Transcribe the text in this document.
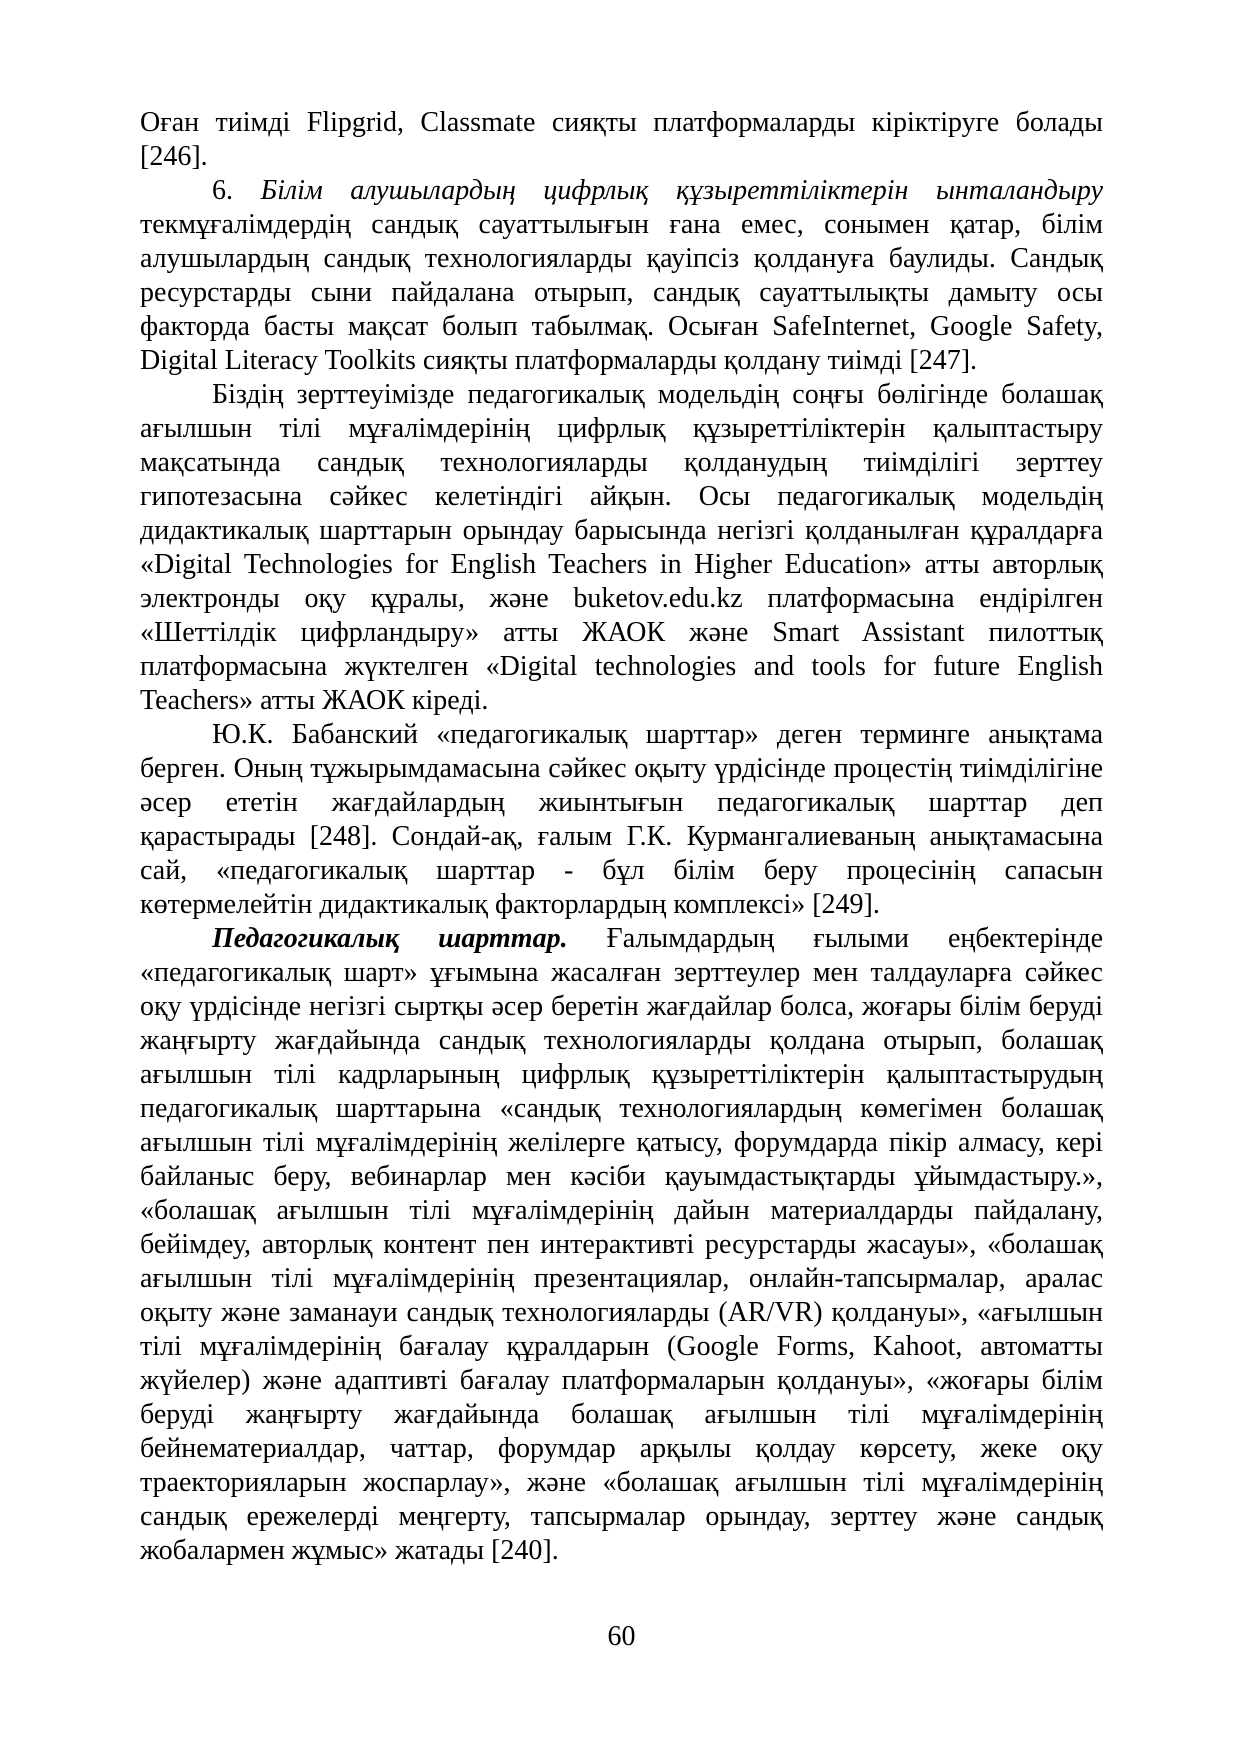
Оған тиімді Flipgrid, Classmate сияқты платформаларды кіріктіруге болады [246].

6. Білім алушылардың цифрлық құзыреттіліктерін ынталандыру текмұғалімдердің сандық сауаттылығын ғана емес, сонымен қатар, білім алушылардың сандық технологияларды қауіпсіз қолдануға баулиды. Сандық ресурстарды сыни пайдалана отырып, сандық сауаттылықты дамыту осы факторда басты мақсат болып табылмақ. Осыған SafeInternet, Google Safety, Digital Literacy Toolkits сияқты платформаларды қолдану тиімді [247].

Біздің зерттеуімізде педагогикалық модельдің соңғы бөлігінде болашақ ағылшын тілі мұғалімдерінің цифрлық құзыреттіліктерін қалыптастыру мақсатында сандық технологияларды қолданудың тиімділігі зерттеу гипотезасына сәйкес келетіндігі айқын. Осы педагогикалық модельдің дидактикалық шарттарын орындау барысында негізгі қолданылған құралдарға «Digital Technologies for English Teachers in Higher Education» атты авторлық электронды оқу құралы, және buketov.edu.kz платформасына ендірілген «Шеттілдік цифрландыру» атты ЖАОК және Smart Assistant пилоттық платформасына жүктелген «Digital technologies and tools for future English Teachers» атты ЖАОК кіреді.

Ю.К. Бабанский «педагогикалық шарттар» деген терминге анықтама берген. Оның тұжырымдамасына сәйкес оқыту үрдісінде процестің тиімділігіне әсер ететін жағдайлардың жиынтығын педагогикалық шарттар деп қарастырады [248]. Сондай-ақ, ғалым Г.К. Курмангалиеваның анықтамасына сай, «педагогикалық шарттар - бұл білім беру процесінің сапасын көтермелейтін дидактикалық факторлардың комплексі» [249].

Педагогикалық шарттар. Ғалымдардың ғылыми еңбектерінде «педагогикалық шарт» ұғымына жасалған зерттеулер мен талдауларға сәйкес оқу үрдісінде негізгі сыртқы әсер беретін жағдайлар болса, жоғары білім беруді жаңғырту жағдайында сандық технологияларды қолдана отырып, болашақ ағылшын тілі кадрларының цифрлық құзыреттіліктерін қалыптастырудың педагогикалық шарттарына «сандық технологиялардың көмегімен болашақ ағылшын тілі мұғалімдерінің желілерге қатысу, форумдарда пікір алмасу, кері байланыс беру, вебинарлар мен кәсіби қауымдастықтарды ұйымдастыру.», «болашақ ағылшын тілі мұғалімдерінің дайын материалдарды пайдалану, бейімдеу, авторлық контент пен интерактивті ресурстарды жасауы», «болашақ ағылшын тілі мұғалімдерінің презентациялар, онлайн-тапсырмалар, аралас оқыту және заманауи сандық технологияларды (AR/VR) қолдануы», «ағылшын тілі мұғалімдерінің бағалау құралдарын (Google Forms, Kahoot, автоматты жүйелер) және адаптивті бағалау платформаларын қолдануы», «жоғары білім беруді жаңғырту жағдайында болашақ ағылшын тілі мұғалімдерінің бейнематериалдар, чаттар, форумдар арқылы қолдау көрсету, жеке оқу траекторияларын жоспарлау», және «болашақ ағылшын тілі мұғалімдерінің сандық ережелерді меңгерту, тапсырмалар орындау, зерттеу және сандық жобалармен жұмыс» жатады [240].

60
